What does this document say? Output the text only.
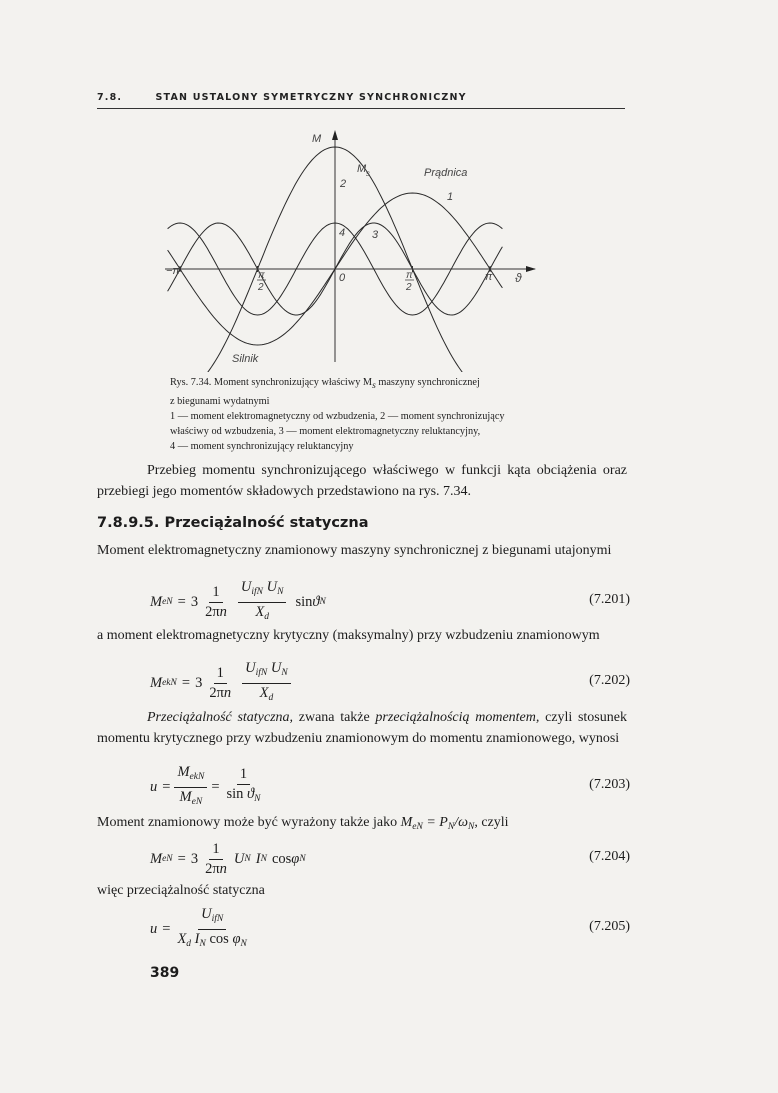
7.8.	STAN USTALONY SYMETRYCZNY SYNCHRONICZNY
M
M s	Prądnica
1
2
3
4
0
−π	π
2
π
2
π ϑ
Silnik

Rys. 7.34. Moment synchronizujący właściwy Ms maszyny synchronicznej

z biegunami wydatnymi

1 — moment elektromagnetyczny od wzbudzenia, 2 — moment synchronizujący

właściwy od wzbudzenia, 3 — moment elektromagnetyczny reluktancyjny,

4 — moment synchronizujący reluktancyjny

Przebieg momentu synchronizującego właściwego w funkcji kąta obciążenia oraz przebiegi jego momentów składowych przedstawiono na rys. 7.34.
7.8.9.5. Przeciążalność statyczna
Moment elektromagnetyczny znamionowy maszyny synchronicznej z biegunami utajonymi
M eN = $3 \frac{1}{2\pi n} \frac{U_{ifN} U_N}{X_d}$ sin ϑ N	(7.201)
a moment elektromagnetyczny krytyczny (maksymalny) przy wzbudzeniu znamionowym
M ekN = $3 \frac{1}{2\pi n} \frac{U_{ifN} U_N}{X_d}$	(7.202)
Przeciążalność statyczna, zwana także przeciążalnością momentem, czyli stosunek momentu krytycznego przy wzbudzeniu znamionowym do momentu znamionowego, wynosi
$u = \frac{M_{ekN}}{M_{eN}} = \frac{1}{\sin ϑ_N}$	(7.203)
Moment znamionowy może być wyrażony także jako $M_{eN} = P_N/\omega_N$, czyli
M eN = $3 \frac{1}{2\pi n}$ U N I N cos φ N	(7.204)
więc przeciążalność statyczna
$u = \frac{U_{ifN}}{X_d I_N \cos \varphi_N}$	(7.205)
389
